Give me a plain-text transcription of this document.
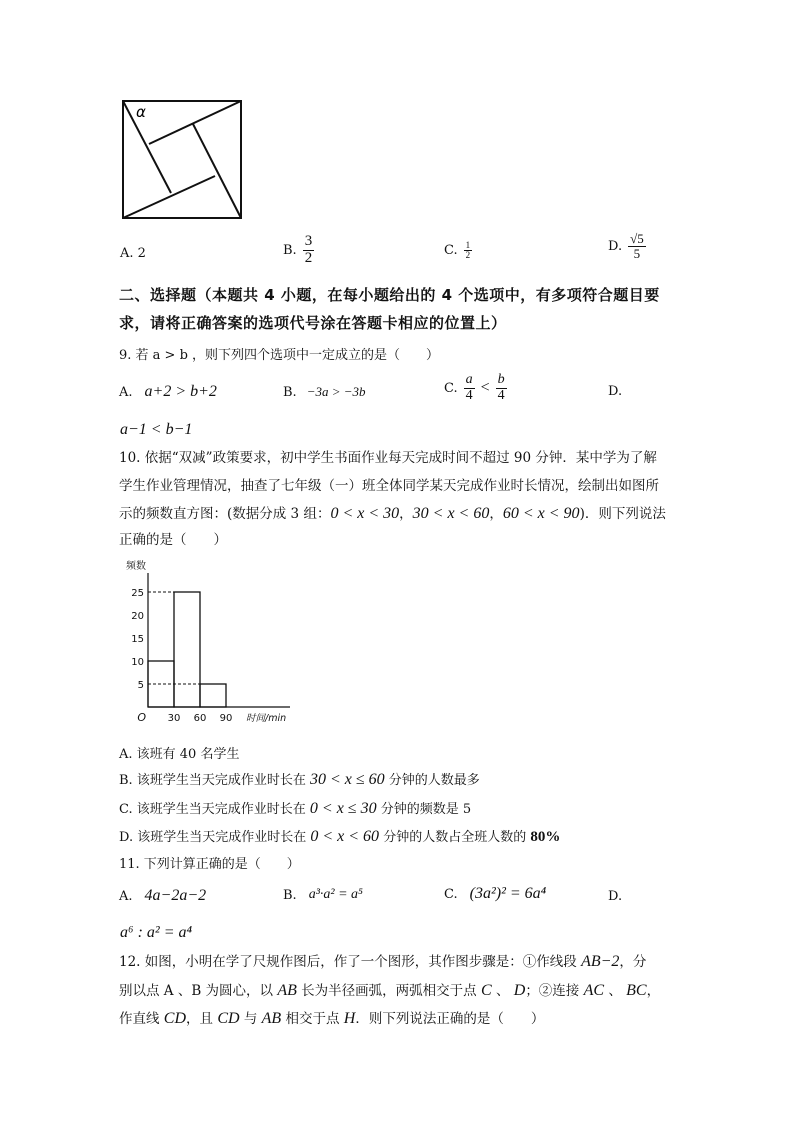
α
A. 2	B. $\frac{3}{2}$	C. $\frac{1}{2}$	D. $\frac{√5}{5}$
二、选择题（本题共 4 小题，在每小题给出的 4 个选项中，有多项符合题目要
求，请将正确答案的选项代号涂在答题卡相应的位置上）
9. 若 a > b ，则下列四个选项中一定成立的是（　　）
A. a+2 > b+2	B. −3a > −3b	C. $\frac{a}{4} < \frac{b}{4}$	D.
a−1 < b−1
10. 依据“双减”政策要求，初中学生书面作业每天完成时间不超过 90 分钟．某中学为了解
学生作业管理情况，抽查了七年级（一）班全体同学某天完成作业时长情况，绘制出如图所
示的频数直方图：(数据分成 3 组：0 < x < 30，30 < x < 60，60 < x < 90)．则下列说法
正确的是（　　）
5
10
15
20
25
30 60 90
O
频数
时间/min
A. 该班有 40 名学生
B. 该班学生当天完成作业时长在 30 < x ≤ 60 分钟的人数最多
C. 该班学生当天完成作业时长在 0 < x ≤ 30 分钟的频数是 5
D. 该班学生当天完成作业时长在 0 < x < 60 分钟的人数占全班人数的 80%
11. 下列计算正确的是（　　）
A. 4a−2a−2	B. a³·a² = a⁵	C. (3a²)² = 6a⁴	D.
a⁶ : a² = a⁴
12. 如图，小明在学了尺规作图后，作了一个图形，其作图步骤是：①作线段 AB−2，分
别以点 A 、B 为圆心，以 AB 长为半径画弧，两弧相交于点 C 、 D；②连接 AC 、 BC，
作直线 CD，且 CD 与 AB 相交于点 H．则下列说法正确的是（　　）
